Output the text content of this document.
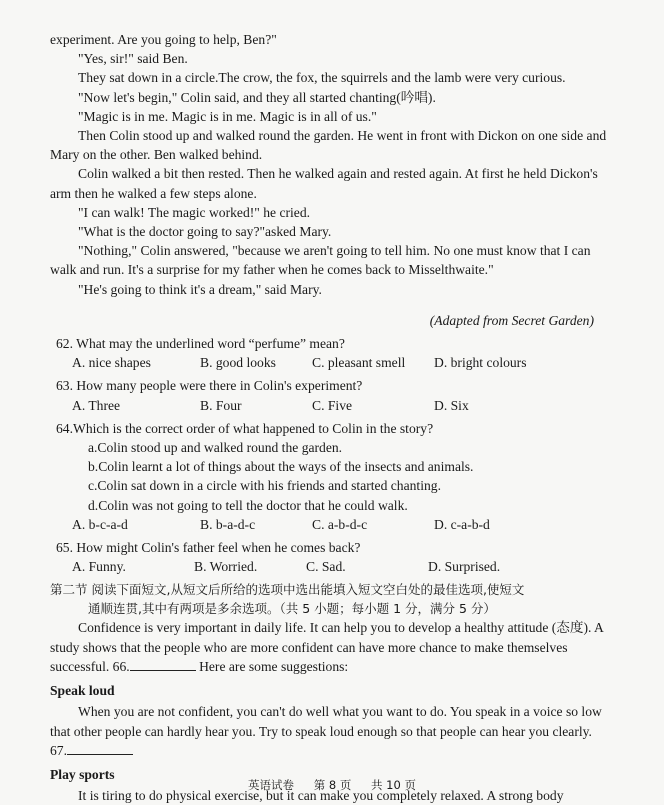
experiment. Are you going to help, Ben?"

"Yes, sir!" said Ben.

They sat down in a circle.The crow, the fox, the squirrels and the lamb were very curious.

"Now let's begin," Colin said, and they all started chanting(吟唱).

"Magic is in me. Magic is in me. Magic is in all of us."

Then Colin stood up and walked round the garden. He went in front with Dickon on one side and Mary on the other. Ben walked behind.

Colin walked a bit then rested. Then he walked again and rested again. At first he held Dickon's arm then he walked a few steps alone.

"I can walk! The magic worked!" he cried.

"What is the doctor going to say?"asked Mary.

"Nothing," Colin answered, "because we aren't going to tell him. No one must know that I can walk and run. It's a surprise for my father when he comes back to Misselthwaite."

"He's going to think it's a dream," said Mary.

(Adapted from Secret Garden)
62. What may the underlined word “perfume” mean?
A. nice shapes	B. good looks	C. pleasant smell	D. bright colours
63. How many people were there in Colin's experiment?
A. Three	B. Four	C. Five	D. Six
64.Which is the correct order of what happened to Colin in the story?
a.Colin stood up and walked round the garden.
b.Colin learnt a lot of things about the ways of the insects and animals.
c.Colin sat down in a circle with his friends and started chanting.
d.Colin was not going to tell the doctor that he could walk.
A. b-c-a-d	B. b-a-d-c	C. a-b-d-c	D. c-a-b-d
65. How might Colin's father feel when he comes back?
A. Funny.	B. Worried.	C. Sad.	D. Surprised.
第二节 阅读下面短文,从短文后所给的选项中选出能填入短文空白处的最佳选项,使短文
通顺连贯,其中有两项是多余选项。（共 5 小题；每小题 1 分，满分 5 分）

Confidence is very important in daily life. It can help you to develop a healthy attitude (态度). A study shows that the people who are more confident can have more chance to make themselves successful. 66.	Here are some suggestions:

Speak loud

When you are not confident, you can't do well what you want to do. You speak in a voice so low that other people can hardly hear you. Try to speak loud enough so that people can hear you clearly. 67.

Play sports

It is tiring to do physical exercise, but it can make you completely relaxed. A strong body

英语试卷 第 8 页 共 10 页
